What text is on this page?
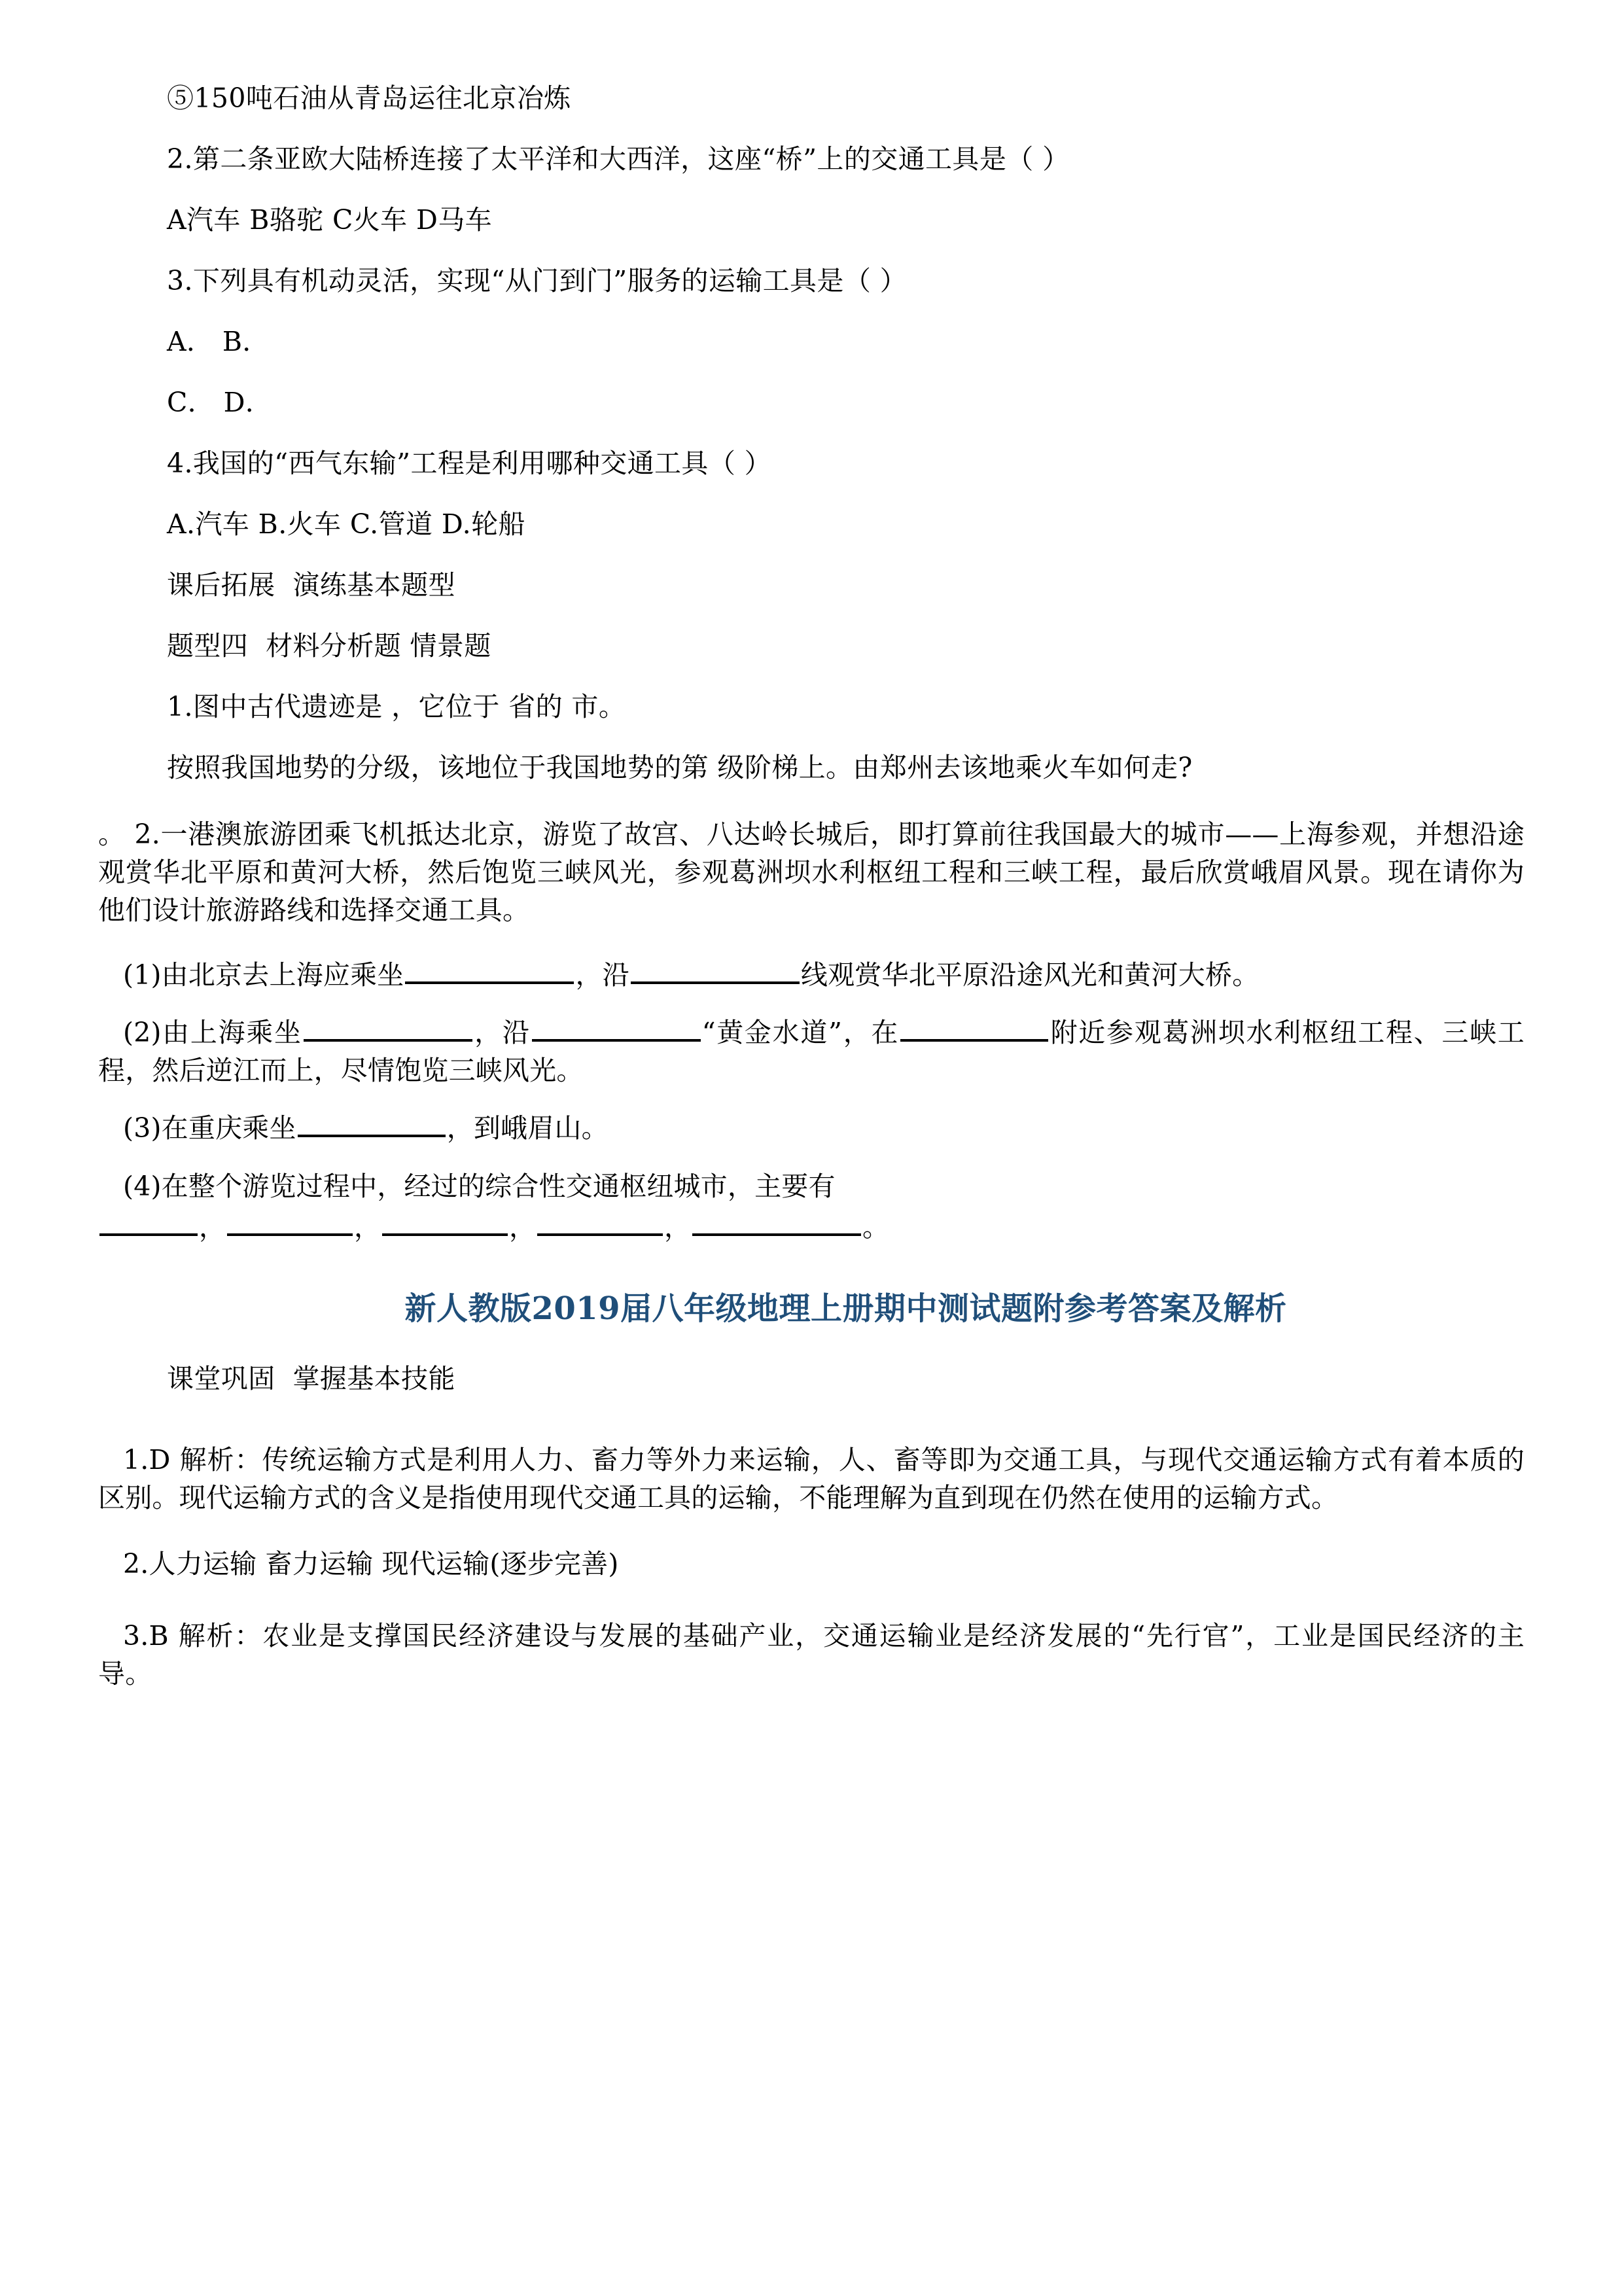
⑤150吨石油从青岛运往北京冶炼
2.第二条亚欧大陆桥连接了太平洋和大西洋，这座“桥”上的交通工具是（ ）
A汽车 B骆驼 C火车 D马车
3.下列具有机动灵活，实现“从门到门”服务的运输工具是（ ）
A． B．
C． D．
4.我国的“西气东输”工程是利用哪种交通工具（ ）
A.汽车 B.火车 C.管道 D.轮船
课后拓展  演练基本题型
题型四  材料分析题 情景题
1.图中古代遗迹是 ，它位于 省的 市。
按照我国地势的分级，该地位于我国地势的第 级阶梯上。由郑州去该地乘火车如何走?
。 2.一港澳旅游团乘飞机抵达北京，游览了故宫、八达岭长城后，即打算前往我国最大的城市——上海参观，并想沿途观赏华北平原和黄河大桥，然后饱览三峡风光，参观葛洲坝水利枢纽工程和三峡工程，最后欣赏峨眉风景。现在请你为他们设计旅游路线和选择交通工具。
(1)由北京去上海应乘坐	，沿	线观赏华北平原沿途风光和黄河大桥。
(2)由上海乘坐	，沿	“黄金水道”，在	附近参观葛洲坝水利枢纽工程、三峡工程，然后逆江而上，尽情饱览三峡风光。
(3)在重庆乘坐	，到峨眉山。
(4)在整个游览过程中，经过的综合性交通枢纽城市，主要有
，	，	，	，	。
新人教版2019届八年级地理上册期中测试题附参考答案及解析
课堂巩固  掌握基本技能
1.D 解析：传统运输方式是利用人力、畜力等外力来运输，人、畜等即为交通工具，与现代交通运输方式有着本质的区别。现代运输方式的含义是指使用现代交通工具的运输，不能理解为直到现在仍然在使用的运输方式。
2.人力运输 畜力运输 现代运输(逐步完善)
3.B 解析：农业是支撑国民经济建设与发展的基础产业，交通运输业是经济发展的“先行官”，工业是国民经济的主导。
